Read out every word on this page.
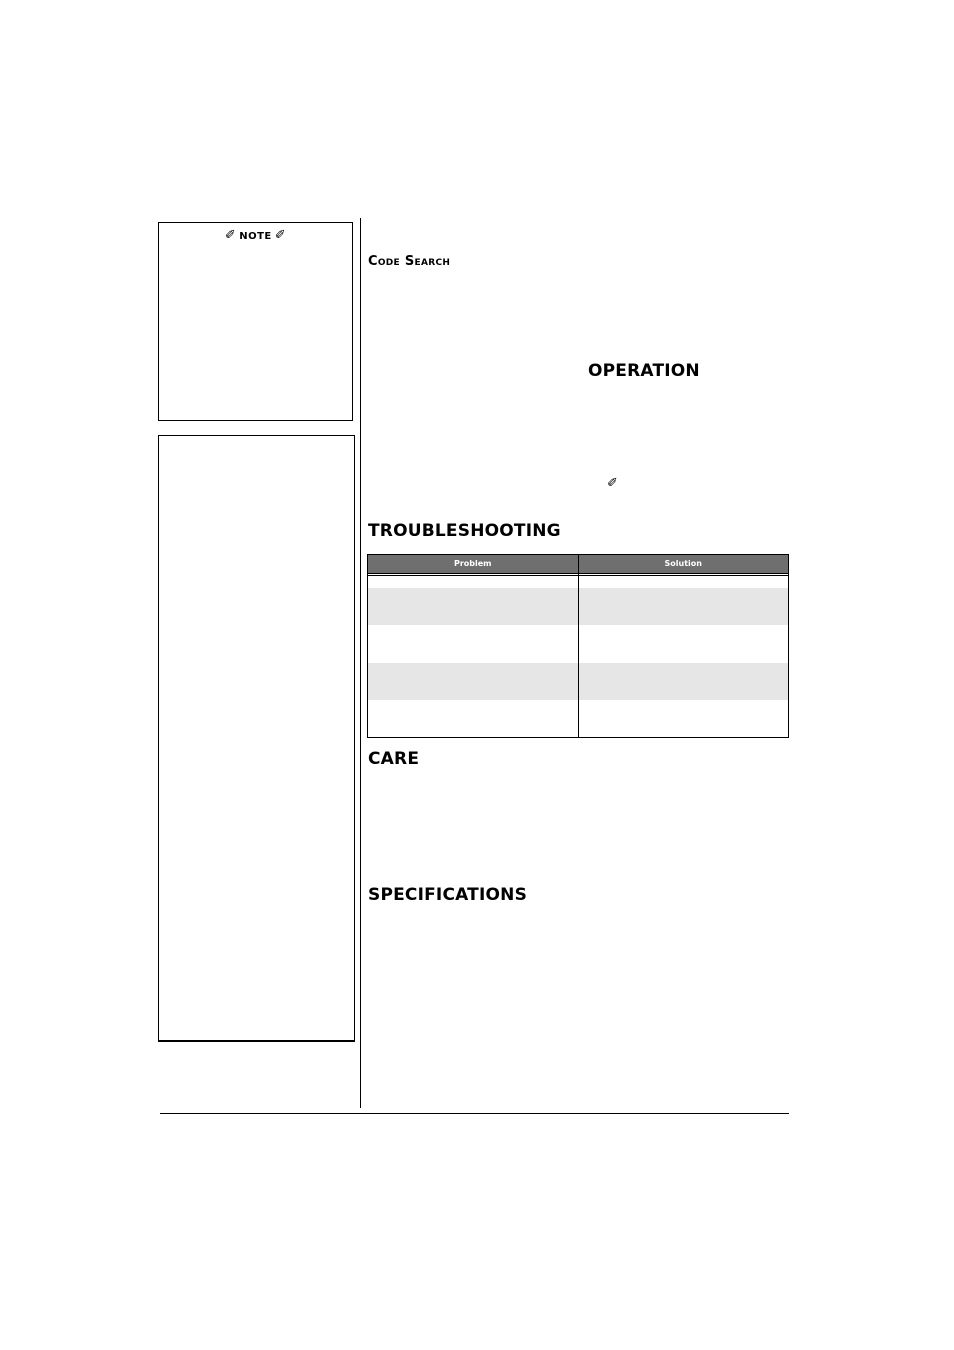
✐ NOTE ✐
Code Search
OPERATION
✐
TROUBLESHOOTING
Problem	Solution
CARE
SPECIFICATIONS
